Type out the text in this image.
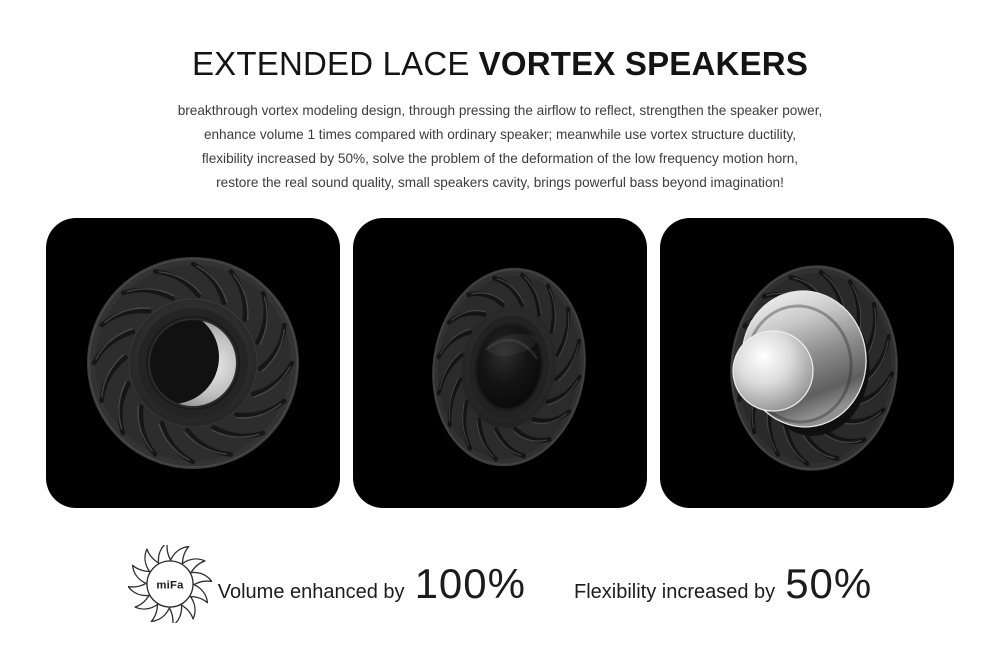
EXTENDED LACE VORTEX SPEAKERS
breakthrough vortex modeling design, through pressing the airflow to reflect, strengthen the speaker power,
enhance volume 1 times compared with ordinary speaker; meanwhile use vortex structure ductility,
flexibility increased by 50%, solve the problem of the deformation of the low frequency motion horn,
restore the real sound quality, small speakers cavity, brings powerful bass beyond imagination!
miFa Volume enhanced by 100% Flexibility increased by 50%
